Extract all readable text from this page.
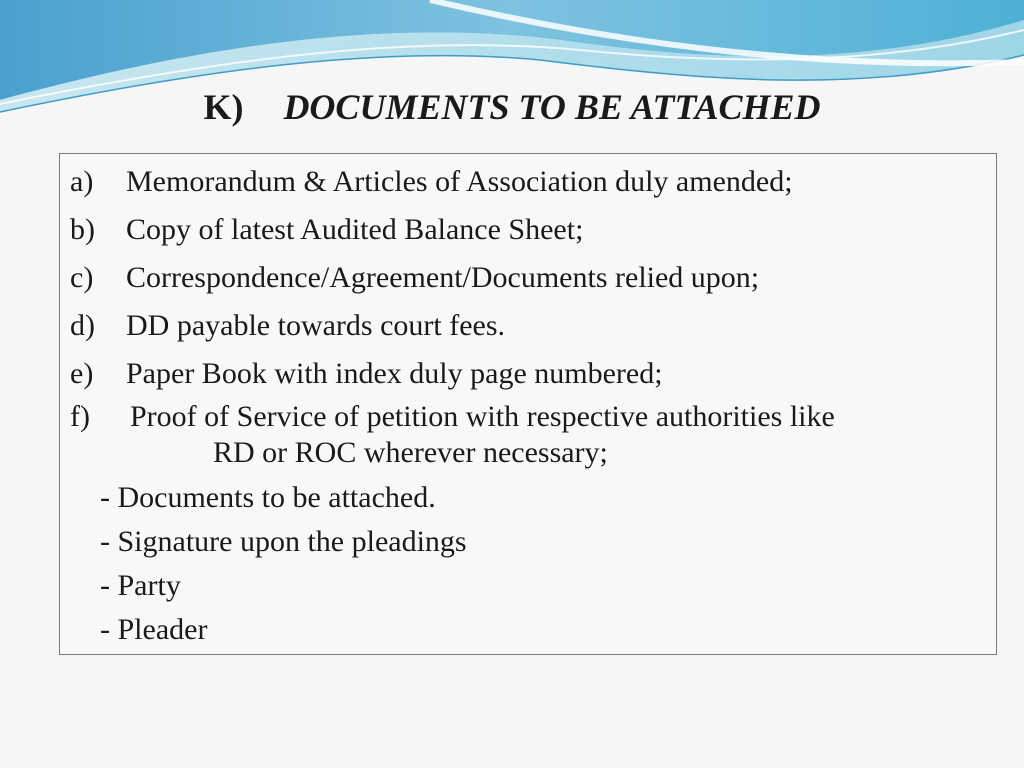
K) DOCUMENTS TO BE ATTACHED
a) Memorandum & Articles of Association duly amended;
b) Copy of latest Audited Balance Sheet;
c) Correspondence/Agreement/Documents relied upon;
d) DD payable towards court fees.
e) Paper Book with index duly page numbered;
f) Proof of Service of petition with respective authorities like
RD or ROC wherever necessary;
- Documents to be attached.
- Signature upon the pleadings
- Party
- Pleader
